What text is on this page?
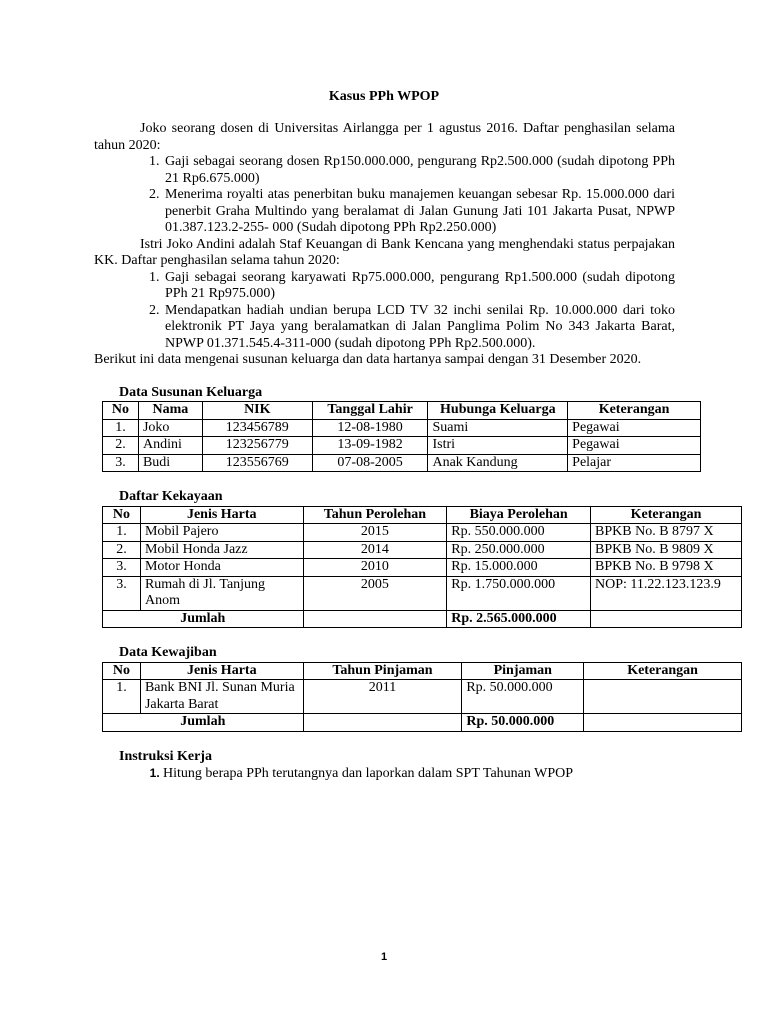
Kasus PPh WPOP

Joko seorang dosen di Universitas Airlangga per 1 agustus 2016. Daftar penghasilan selama tahun 2020:

1. Gaji sebagai seorang dosen Rp150.000.000, pengurang Rp2.500.000 (sudah dipotong PPh 21 Rp6.675.000)
2. Menerima royalti atas penerbitan buku manajemen keuangan sebesar Rp. 15.000.000 dari penerbit Graha Multindo yang beralamat di Jalan Gunung Jati 101 Jakarta Pusat, NPWP 01.387.123.2-255- 000 (Sudah dipotong PPh Rp2.250.000)

Istri Joko Andini adalah Staf Keuangan di Bank Kencana yang menghendaki status perpajakan KK. Daftar penghasilan selama tahun 2020:

1. Gaji sebagai seorang karyawati Rp75.000.000, pengurang Rp1.500.000 (sudah dipotong PPh 21 Rp975.000)
2. Mendapatkan hadiah undian berupa LCD TV 32 inchi senilai Rp. 10.000.000 dari toko elektronik PT Jaya yang beralamatkan di Jalan Panglima Polim No 343 Jakarta Barat, NPWP 01.371.545.4-311-000 (sudah dipotong PPh Rp2.500.000).

Berikut ini data mengenai susunan keluarga dan data hartanya sampai dengan 31 Desember 2020.

Data Susunan Keluarga
No	Nama	NIK	Tanggal Lahir	Hubunga Keluarga	Keterangan
1.	Joko	123456789	12-08-1980	Suami	Pegawai
2.	Andini	123256779	13-09-1982	Istri	Pegawai
3.	Budi	123556769	07-08-2005	Anak Kandung	Pelajar
Daftar Kekayaan
No	Jenis Harta	Tahun Perolehan	Biaya Perolehan	Keterangan
1.	Mobil Pajero	2015	Rp. 550.000.000	BPKB No. B 8797 X
2.	Mobil Honda Jazz	2014	Rp. 250.000.000	BPKB No. B 9809 X
3.	Motor Honda	2010	Rp. 15.000.000	BPKB No. B 9798 X
3.	Rumah di Jl. Tanjung Anom	2005	Rp. 1.750.000.000	NOP: 11.22.123.123.9
Jumlah			Rp. 2.565.000.000	
Data Kewajiban
No	Jenis Harta	Tahun Pinjaman	Pinjaman	Keterangan
1.	Bank BNI Jl. Sunan Muria Jakarta Barat	2011	Rp. 50.000.000	
Jumlah			Rp. 50.000.000	
Instruksi Kerja
1. Hitung berapa PPh terutangnya dan laporkan dalam SPT Tahunan WPOP
1
